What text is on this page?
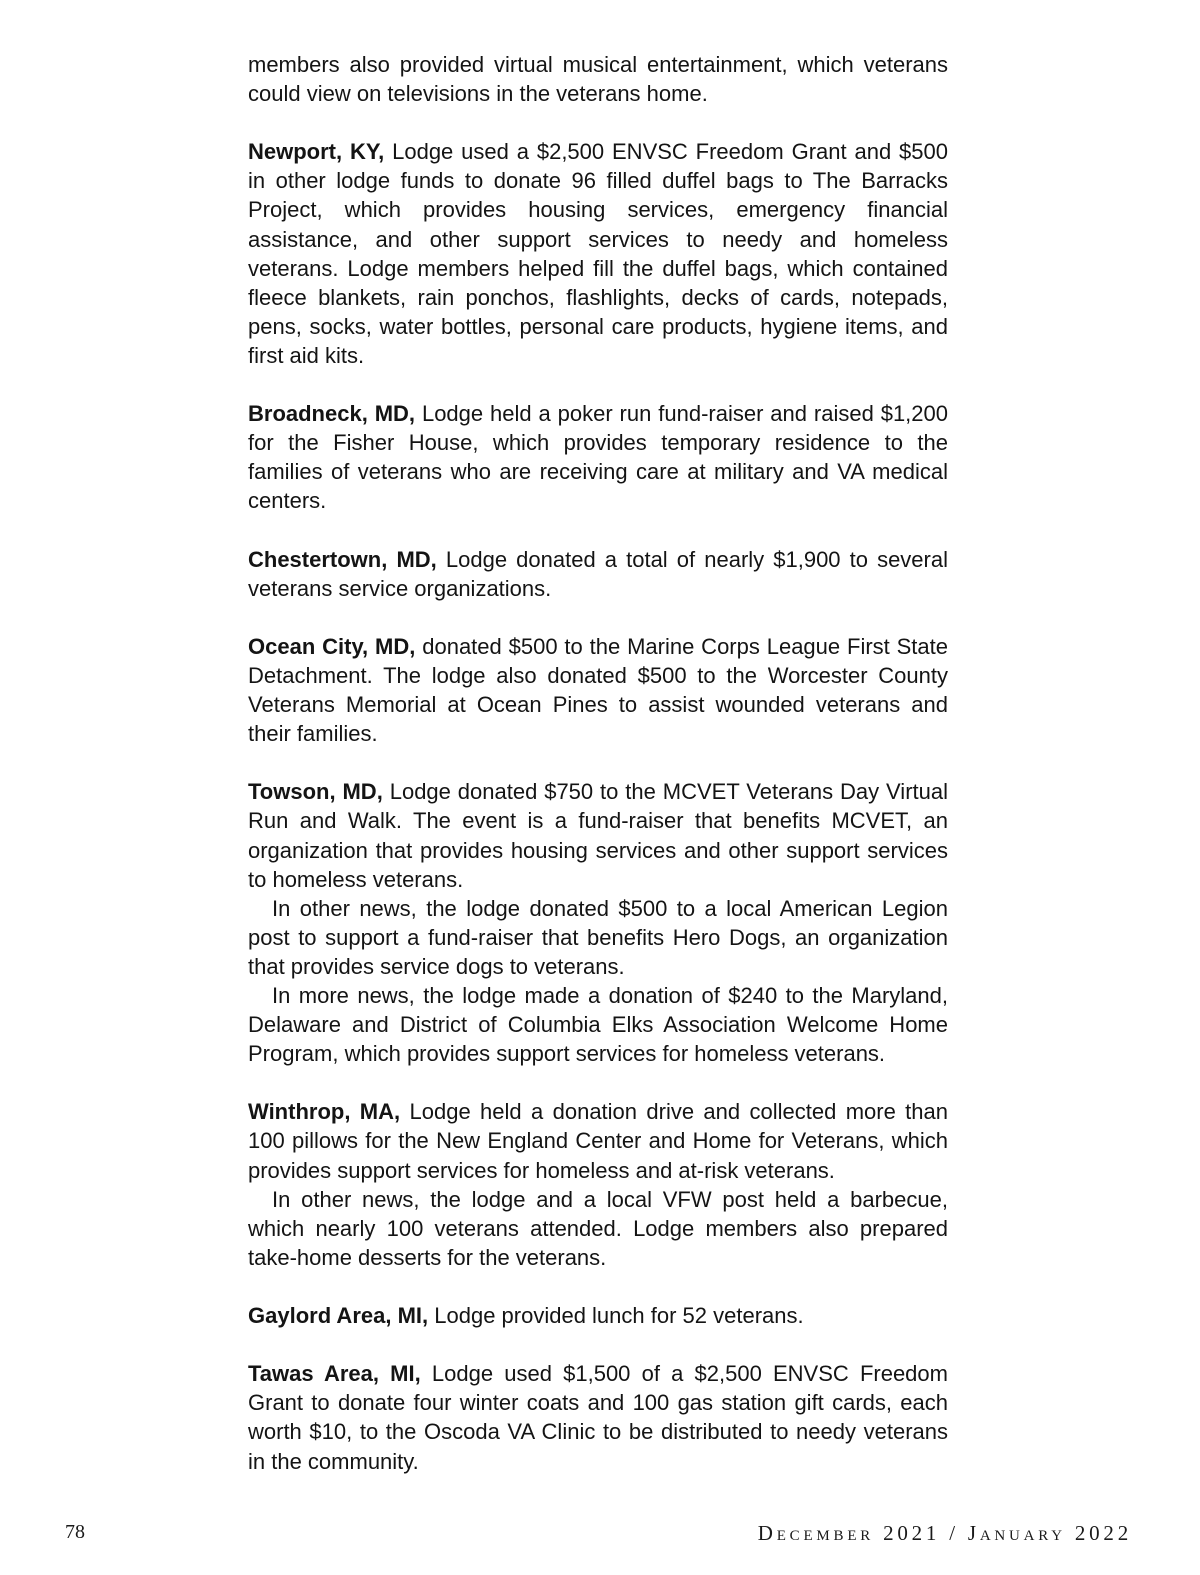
members also provided virtual musical entertainment, which veterans could view on televisions in the veterans home.

Newport, KY, Lodge used a $2,500 ENVSC Freedom Grant and $500 in other lodge funds to donate 96 filled duffel bags to The Barracks Project, which provides housing services, emergency financial assistance, and other support services to needy and homeless veterans. Lodge members helped fill the duffel bags, which contained fleece blankets, rain ponchos, flashlights, decks of cards, notepads, pens, socks, water bottles, personal care products, hygiene items, and first aid kits.

Broadneck, MD, Lodge held a poker run fund-raiser and raised $1,200 for the Fisher House, which provides temporary residence to the families of veterans who are receiving care at military and VA medical centers.

Chestertown, MD, Lodge donated a total of nearly $1,900 to several veterans service organizations.

Ocean City, MD, donated $500 to the Marine Corps League First State Detachment. The lodge also donated $500 to the Worcester County Veterans Memorial at Ocean Pines to assist wounded veterans and their families.

Towson, MD, Lodge donated $750 to the MCVET Veterans Day Virtual Run and Walk. The event is a fund-raiser that benefits MCVET, an organization that provides housing services and other support services to homeless veterans.

In other news, the lodge donated $500 to a local American Legion post to support a fund-raiser that benefits Hero Dogs, an organization that provides service dogs to veterans.

In more news, the lodge made a donation of $240 to the Maryland, Delaware and District of Columbia Elks Association Welcome Home Program, which provides support services for homeless veterans.

Winthrop, MA, Lodge held a donation drive and collected more than 100 pillows for the New England Center and Home for Veterans, which provides support services for homeless and at-risk veterans.

In other news, the lodge and a local VFW post held a barbecue, which nearly 100 veterans attended. Lodge members also prepared take-home desserts for the veterans.

Gaylord Area, MI, Lodge provided lunch for 52 veterans.

Tawas Area, MI, Lodge used $1,500 of a $2,500 ENVSC Freedom Grant to donate four winter coats and 100 gas station gift cards, each worth $10, to the Oscoda VA Clinic to be distributed to needy veterans in the community.

78	December 2021 / January 2022
